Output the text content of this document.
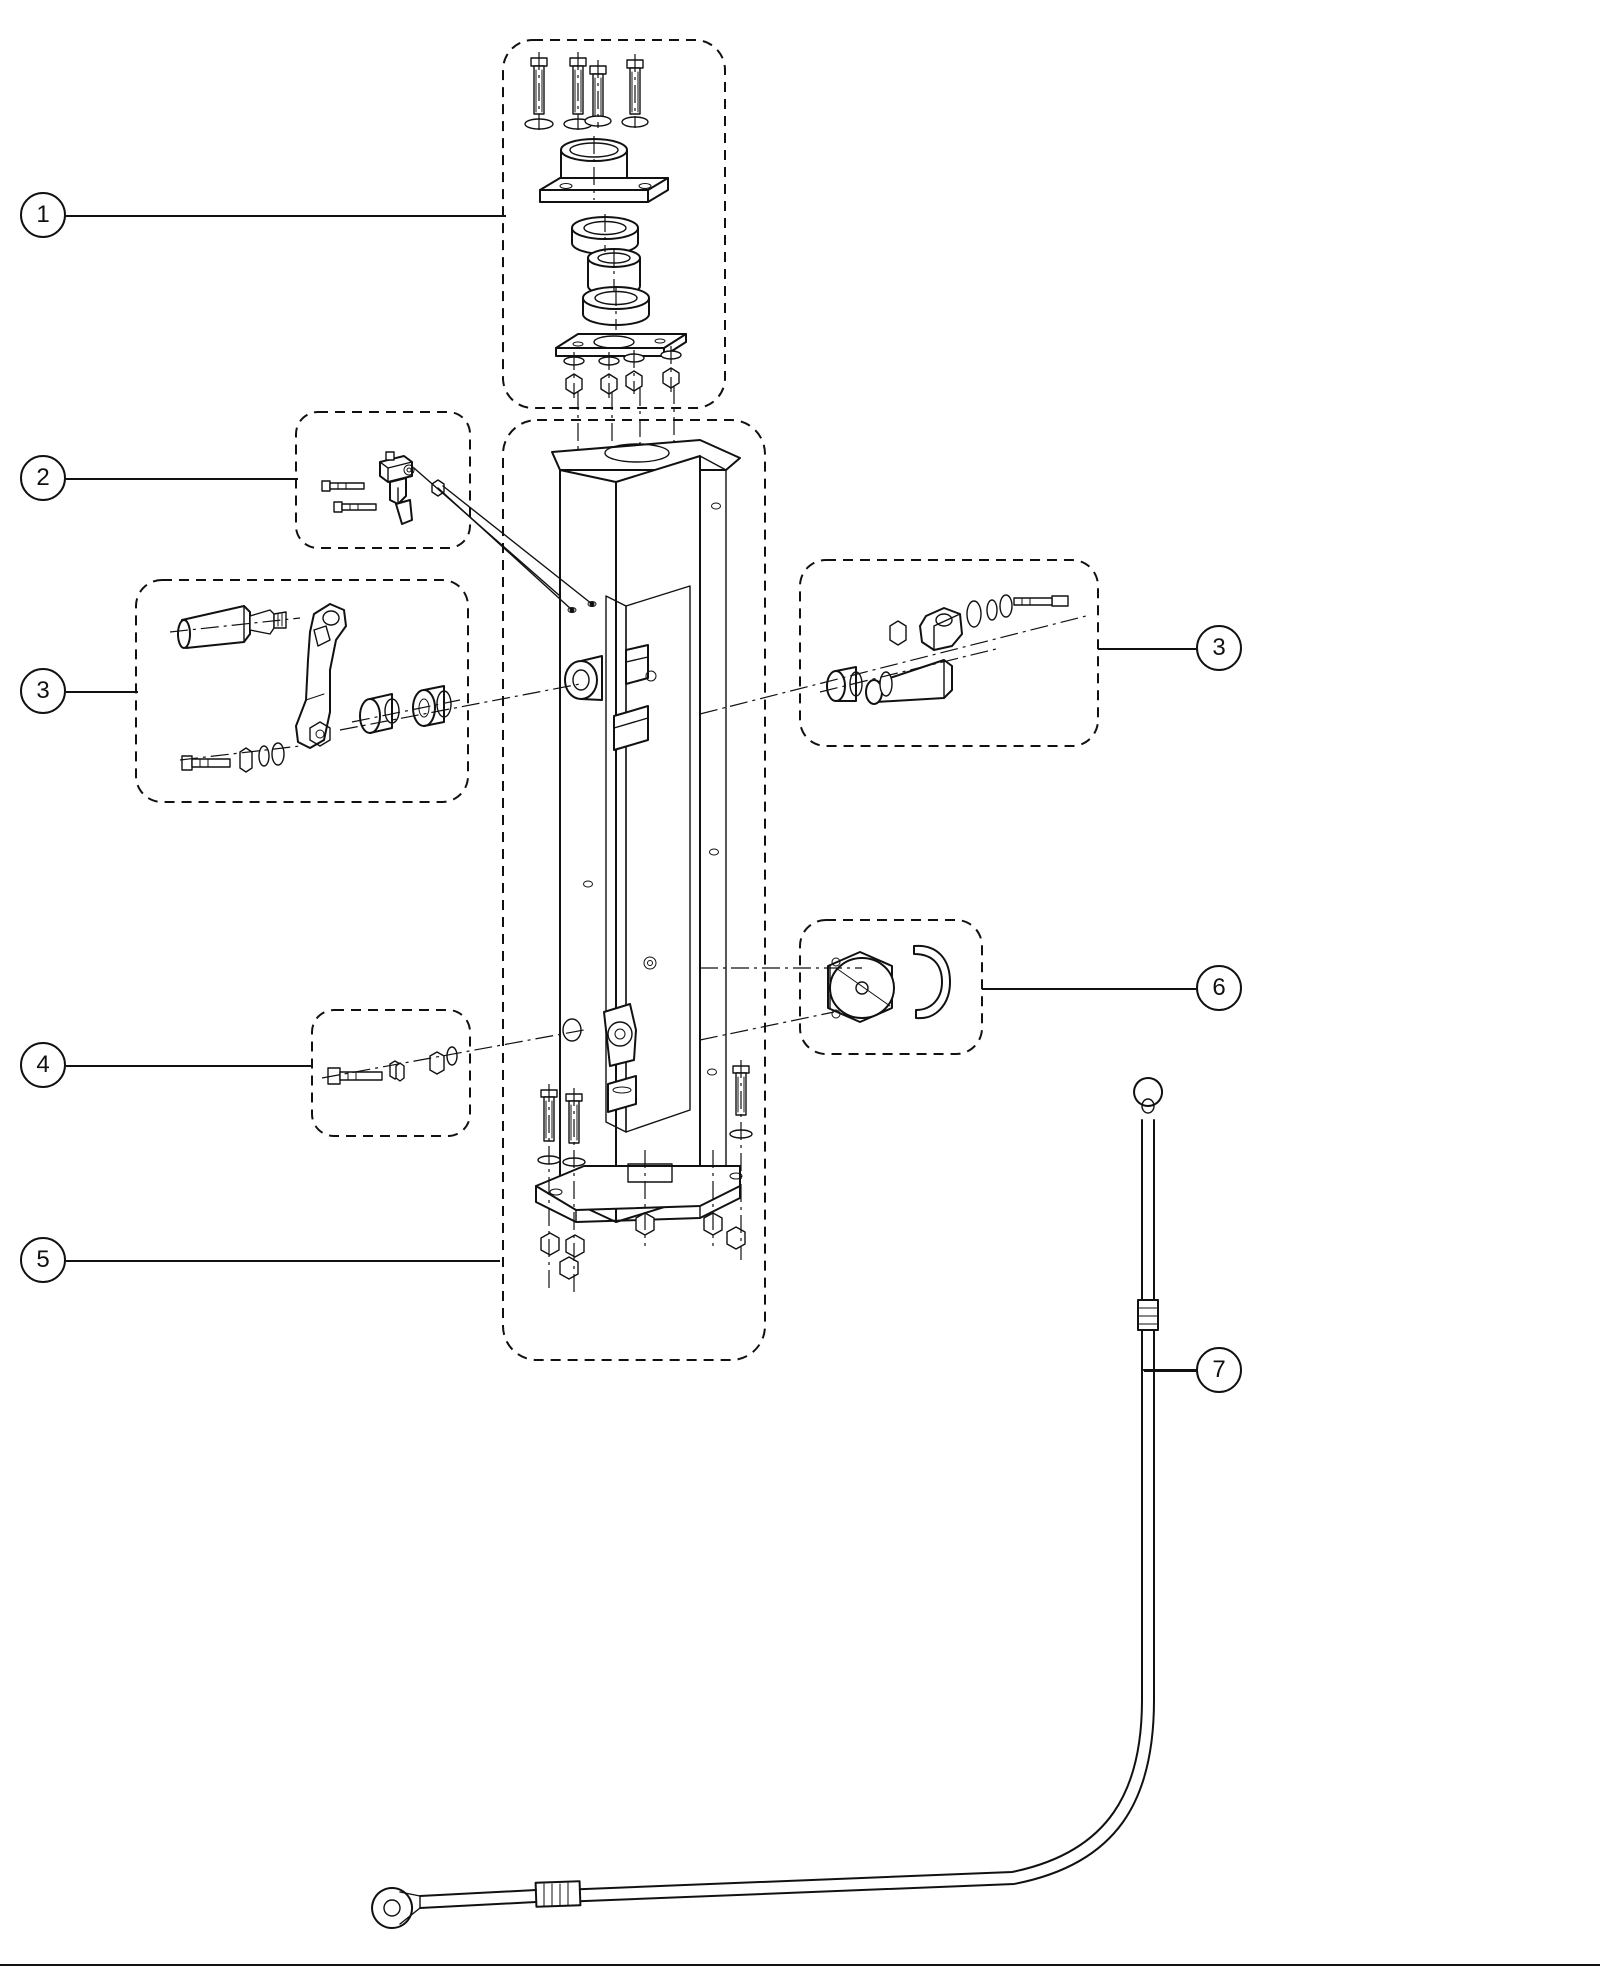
1
2
3
3
4
5
6
7
